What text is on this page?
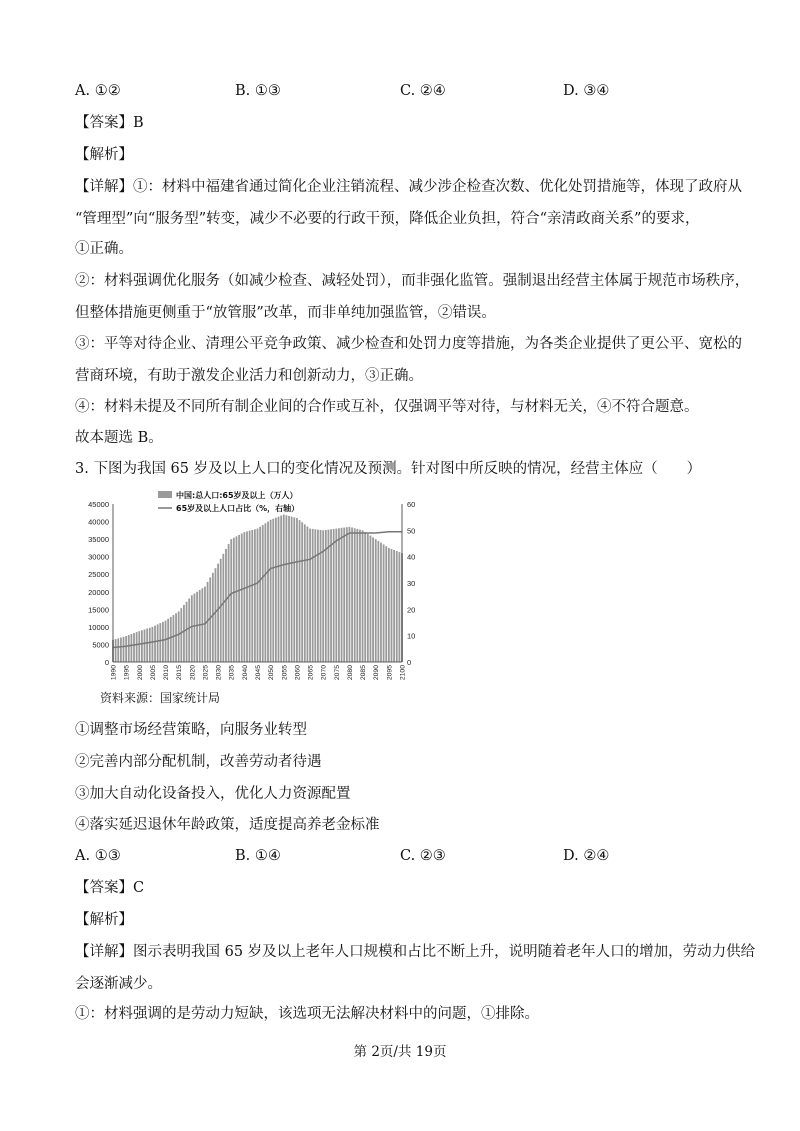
A. ①②	B. ①③	C. ②④	D. ③④
【答案】B
【解析】
【详解】①：材料中福建省通过简化企业注销流程、减少涉企检查次数、优化处罚措施等，体现了政府从
“管理型”向“服务型”转变，减少不必要的行政干预，降低企业负担，符合“亲清政商关系”的要求，
①正确。
②：材料强调优化服务（如减少检查、减轻处罚），而非强化监管。强制退出经营主体属于规范市场秩序，
但整体措施更侧重于“放管服”改革，而非单纯加强监管，②错误。
③：平等对待企业、清理公平竞争政策、减少检查和处罚力度等措施，为各类企业提供了更公平、宽松的
营商环境，有助于激发企业活力和创新动力，③正确。
④：材料未提及不同所有制企业间的合作或互补，仅强调平等对待，与材料无关，④不符合题意。
故本题选 B。
3. 下图为我国 65 岁及以上人口的变化情况及预测。针对图中所反映的情况，经营主体应（　　）
0
5000
10000
15000
20000
25000
30000
35000
40000
45000
0
10
20
30
40
50
60
1990 1995 2000 2005 2010 2015 2020 2025 2030 2035 2040 2045 2050 2055 2060 2065 2070 2075 2080 2085 2090 2095 2100
中国:总人口:65岁及以上（万人）
65岁及以上人口占比（%，右轴）
资料来源：国家统计局
①调整市场经营策略，向服务业转型
②完善内部分配机制，改善劳动者待遇
③加大自动化设备投入，优化人力资源配置
④落实延迟退休年龄政策，适度提高养老金标准
A. ①③	B. ①④	C. ②③	D. ②④
【答案】C
【解析】
【详解】图示表明我国 65 岁及以上老年人口规模和占比不断上升，说明随着老年人口的增加，劳动力供给
会逐渐减少。
①：材料强调的是劳动力短缺，该选项无法解决材料中的问题，①排除。
第 2页/共 19页
